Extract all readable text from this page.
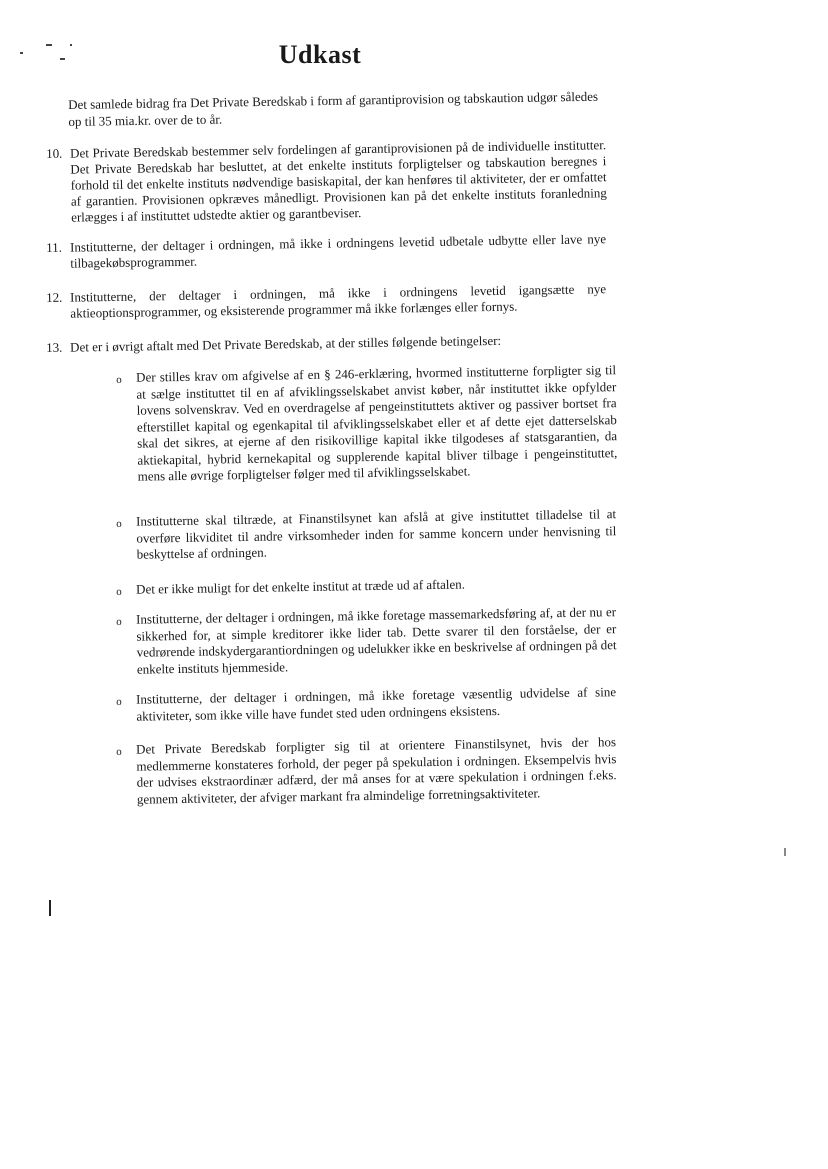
Udkast
Det samlede bidrag fra Det Private Beredskab i form af garantiprovision og tabskaution udgør således op til 35 mia.kr. over de to år.
10. Det Private Beredskab bestemmer selv fordelingen af garantiprovisionen på de individuelle institutter. Det Private Beredskab har besluttet, at det enkelte instituts forpligtelser og tabskaution beregnes i forhold til det enkelte instituts nødvendige basiskapital, der kan henføres til aktiviteter, der er omfattet af garantien. Provisionen opkræves månedligt. Provisionen kan på det enkelte instituts foranledning erlægges i af instituttet udstedte aktier og garantbeviser.
11. Institutterne, der deltager i ordningen, må ikke i ordningens levetid udbetale udbytte eller lave nye tilbagekøbsprogrammer.
12. Institutterne, der deltager i ordningen, må ikke i ordningens levetid igangsætte nye aktieoptionsprogrammer, og eksisterende programmer må ikke forlænges eller fornys.
13. Det er i øvrigt aftalt med Det Private Beredskab, at der stilles følgende betingelser:
o	Der stilles krav om afgivelse af en § 246-erklæring, hvormed institutterne forpligter sig til at sælge instituttet til en af afviklingsselskabet anvist køber, når instituttet ikke opfylder lovens solvenskrav. Ved en overdragelse af pengeinstituttets aktiver og passiver bortset fra efterstillet kapital og egenkapital til afviklingsselskabet eller et af dette ejet datterselskab skal det sikres, at ejerne af den risikovillige kapital ikke tilgodeses af statsgarantien, da aktiekapital, hybrid kernekapital og supplerende kapital bliver tilbage i pengeinstituttet, mens alle øvrige forpligtelser følger med til afviklingsselskabet.
o	Institutterne skal tiltræde, at Finanstilsynet kan afslå at give instituttet tilladelse til at overføre likviditet til andre virksomheder inden for samme koncern under henvisning til beskyttelse af ordningen.
o	Det er ikke muligt for det enkelte institut at træde ud af aftalen.
o	Institutterne, der deltager i ordningen, må ikke foretage massemarkedsføring af, at der nu er sikkerhed for, at simple kreditorer ikke lider tab. Dette svarer til den forståelse, der er vedrørende indskydergarantiordningen og udelukker ikke en beskrivelse af ordningen på det enkelte instituts hjemmeside.
o	Institutterne, der deltager i ordningen, må ikke foretage væsentlig udvidelse af sine aktiviteter, som ikke ville have fundet sted uden ordningens eksistens.
o	Det Private Beredskab forpligter sig til at orientere Finanstilsynet, hvis der hos medlemmerne konstateres forhold, der peger på spekulation i ordningen. Eksempelvis hvis der udvises ekstraordinær adfærd, der må anses for at være spekulation i ordningen f.eks. gennem aktiviteter, der afviger markant fra almindelige forretningsaktiviteter.
